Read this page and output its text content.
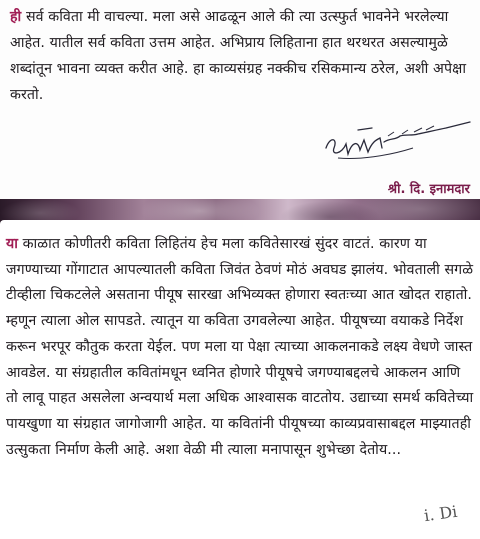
ही सर्व कविता मी वाचल्या. मला असे आढळून आले की त्या उत्स्फुर्त भावनेने भरलेल्या आहेत. यातील सर्व कविता उत्तम आहेत. अभिप्राय लिहिताना हात थरथरत असल्यामुळे शब्दांतून भावना व्यक्त करीत आहे. हा काव्यसंग्रह नक्कीच रसिकमान्य ठरेल, अशी अपेक्षा करतो.

श्री. दि. इनामदार

या काळात कोणीतरी कविता लिहितंय हेच मला कवितेसारखं सुंदर वाटतं. कारण या जगण्याच्या गोंगाटात आपल्यातली कविता जिवंत ठेवणं मोठं अवघड झालंय. भोवताली सगळे टीव्हीला चिकटलेले असताना पीयूष सारखा अभिव्यक्त होणारा स्वतःच्या आत खोदत राहातो. म्हणून त्याला ओल सापडते. त्यातून या कविता उगवलेल्या आहेत. पीयूषच्या वयाकडे निर्देश करून भरपूर कौतुक करता येईल. पण मला या पेक्षा त्याच्या आकलनाकडे लक्ष्य वेधणे जास्त आवडेल. या संग्रहातील कवितांमधून ध्वनित होणारे पीयूषचे जगण्याबद्दलचे आकलन आणि तो लावू पाहत असलेला अन्वयार्थ मला अधिक आश्वासक वाटतोय. उद्याच्या समर्थ कवितेच्या पायखुणा या संग्रहात जागोजागी आहेत. या कवितांनी पीयूषच्या काव्यप्रवासाबद्दल माझ्यातही उत्सुकता निर्माण केली आहे. अशा वेळी मी त्याला मनापासून शुभेच्छा देतोय...

i. Di
